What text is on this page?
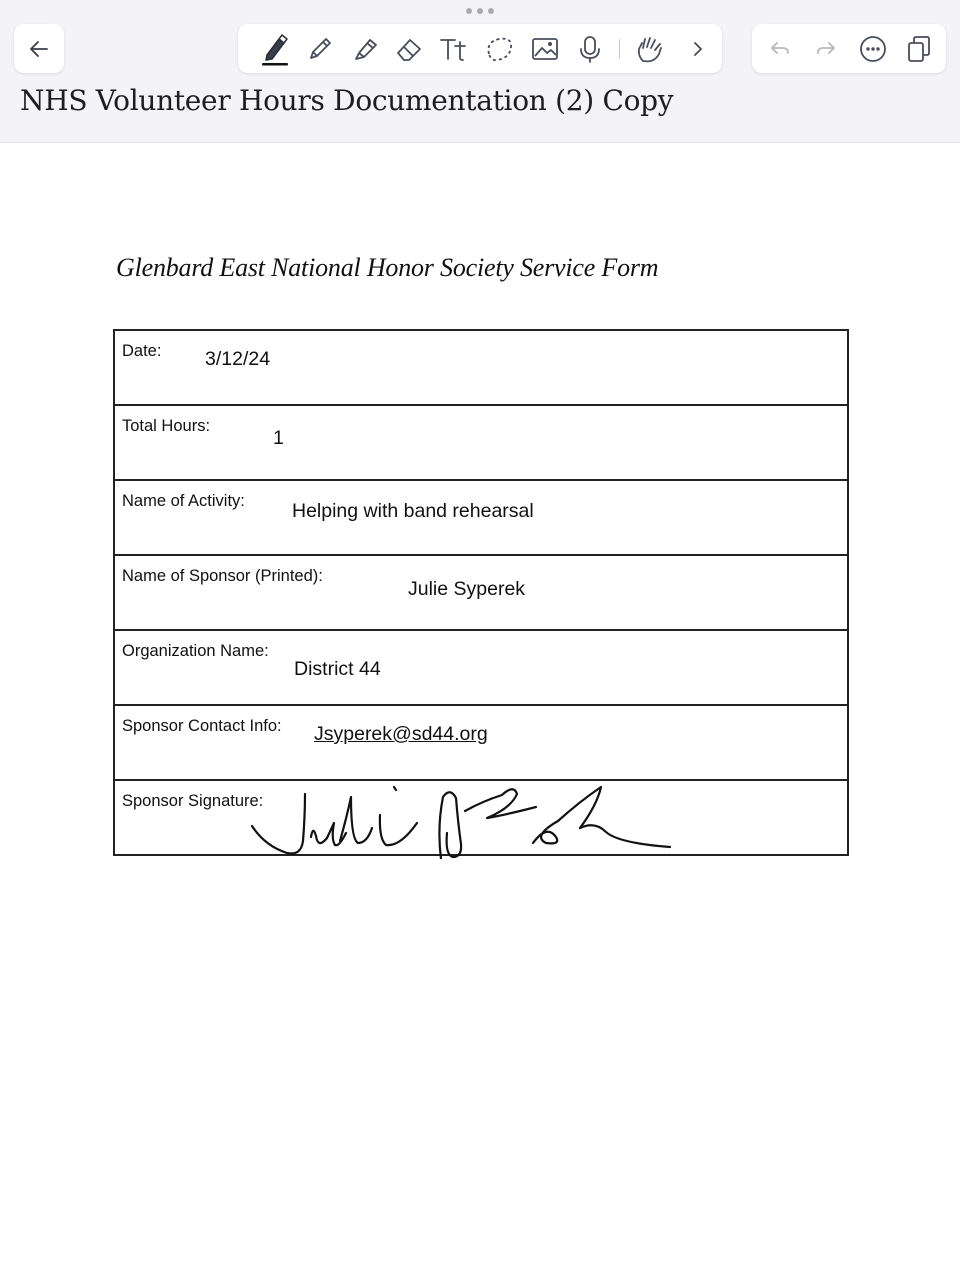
NHS Volunteer Hours Documentation (2) Copy
Glenbard East National Honor Society Service Form
Date: 3/12/24

Total Hours:
1

Name of Activity: Helping with band rehearsal

Name of Sponsor (Printed):
Julie Syperek

Organization Name:
District 44

Sponsor Contact Info: Jsyperek@sd44.org

Sponsor Signature:
